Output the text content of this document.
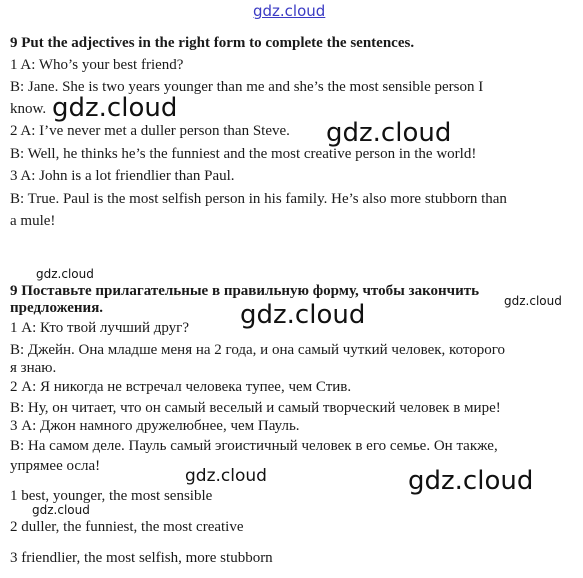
gdz.cloud
9 Put the adjectives in the right form to complete the sentences.
1 A: Who’s your best friend?
B: Jane. She is two years younger than me and she’s the most sensible person I
know.
2 A: I’ve never met a duller person than Steve.
B: Well, he thinks he’s the funniest and the most creative person in the world!
3 A: John is a lot friendlier than Paul.
B: True. Paul is the most selfish person in his family. He’s also more stubborn than
a mule!
9 Поставьте прилагательные в правильную форму, чтобы закончить
предложения.
1 А: Кто твой лучший друг?
В: Джейн. Она младше меня на 2 года, и она самый чуткий человек, которого
я знаю.
2 А: Я никогда не встречал человека тупее, чем Стив.
В: Ну, он читает, что он самый веселый и самый творческий человек в мире!
3 А: Джон намного дружелюбнее, чем Пауль.
В: На самом деле. Пауль самый эгоистичный человек в его семье. Он также,
упрямее осла!
1 best, younger, the most sensible
2 duller, the funniest, the most creative
3 friendlier, the most selfish, more stubborn
gdz.cloud
gdz.cloud
gdz.cloud
gdz.cloud
gdz.cloud
gdz.cloud	gdz.cloud
gdz.cloud
